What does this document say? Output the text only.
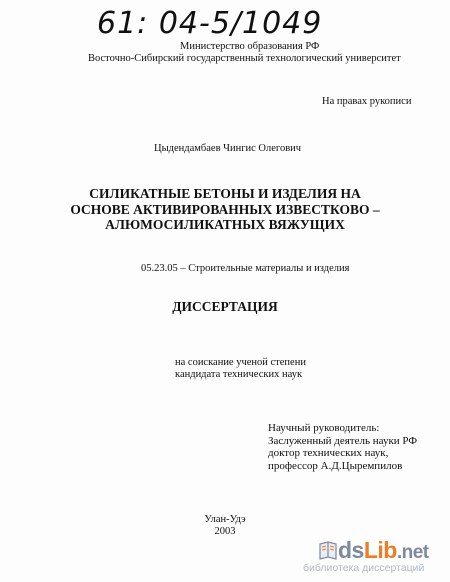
61: 04-5/1049
Министерство образования РФ
Восточно-Сибирский государственный технологический университет
На правах рукописи
Цыдендамбаев Чингис Олегович
СИЛИКАТНЫЕ БЕТОНЫ И ИЗДЕЛИЯ НА
ОСНОВЕ АКТИВИРОВАННЫХ ИЗВЕСТКОВО –
АЛЮМОСИЛИКАТНЫХ ВЯЖУЩИХ
05.23.05 – Строительные материалы и изделия
ДИССЕРТАЦИЯ
на соискание ученой степени
кандидата технических наук
Научный руководитель:
Заслуженный деятель науки РФ
доктор технических наук,
профессор А.Д.Цыремпилов
Улан-Удэ
2003
dsLib.net
библиотека диссертаций
